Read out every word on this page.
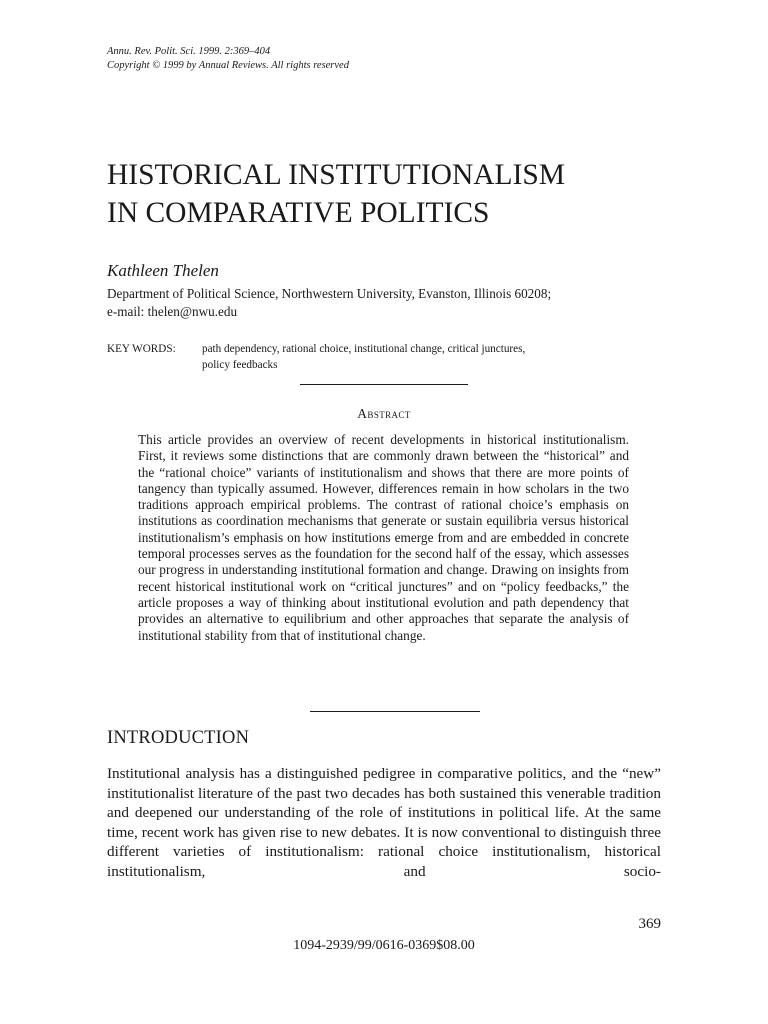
Annu. Rev. Polit. Sci. 1999. 2:369–404
Copyright © 1999 by Annual Reviews. All rights reserved
HISTORICAL INSTITUTIONALISM
IN COMPARATIVE POLITICS
Kathleen Thelen
Department of Political Science, Northwestern University, Evanston, Illinois 60208;
e-mail: thelen@nwu.edu
KEY WORDS: path dependency, rational choice, institutional change, critical junctures,
policy feedbacks
Abstract
This article provides an overview of recent developments in historical institutionalism. First, it reviews some distinctions that are commonly drawn between the “historical” and the “rational choice” variants of institutionalism and shows that there are more points of tangency than typically assumed. However, differences remain in how scholars in the two traditions approach empirical problems. The contrast of rational choice’s emphasis on institutions as coordination mechanisms that generate or sustain equilibria versus historical institutionalism’s emphasis on how institutions emerge from and are embedded in concrete temporal processes serves as the foundation for the second half of the essay, which assesses our progress in understanding institutional formation and change. Drawing on insights from recent historical institutional work on “critical junctures” and on “policy feedbacks,” the article proposes a way of thinking about institutional evolution and path dependency that provides an alternative to equilibrium and other approaches that separate the analysis of institutional stability from that of institutional change.
INTRODUCTION
Institutional analysis has a distinguished pedigree in comparative politics, and the “new” institutionalist literature of the past two decades has both sustained this venerable tradition and deepened our understanding of the role of institutions in political life. At the same time, recent work has given rise to new debates. It is now conventional to distinguish three different varieties of institutionalism: rational choice institutionalism, historical institutionalism, and socio-
369
1094-2939/99/0616-0369$08.00
